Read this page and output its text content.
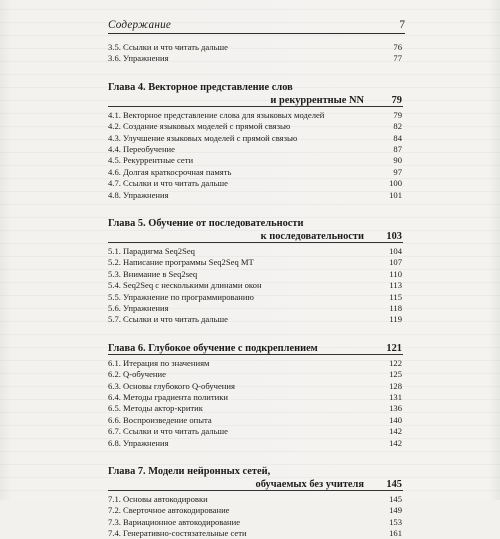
Содержание	7
3.5. Ссылки и что читать дальше	76
3.6. Упражнения	77
Глава 4. Векторное представление слов
и рекуррентные NN	79
4.1. Векторное представление слова для языковых моделей	79
4.2. Создание языковых моделей с прямой связью	82
4.3. Улучшение языковых моделей с прямой связью	84
4.4. Переобучение	87
4.5. Рекуррентные сети	90
4.6. Долгая краткосрочная память	97
4.7. Ссылки и что читать дальше	100
4.8. Упражнения	101
Глава 5. Обучение от последовательности
к последовательности 103
5.1. Парадигма Seq2Seq	104
5.2. Написание программы Seq2Seq MT	107
5.3. Внимание в Seq2seq	110
5.4. Seq2Seq с несколькими длинами окон	113
5.5. Упражнение по программированию	115
5.6. Упражнения	118
5.7. Ссылки и что читать дальше	119
Глава 6. Глубокое обучение с подкреплением	121
6.1. Итерация по значениям	122
6.2. Q-обучение	125
6.3. Основы глубокого Q-обучения	128
6.4. Методы градиента политики	131
6.5. Методы актор-критик	136
6.6. Воспроизведение опыта	140
6.7. Ссылки и что читать дальше	142
6.8. Упражнения	142
Глава 7. Модели нейронных сетей,
обучаемых без учителя 145
7.1. Основы автокодировки	145
7.2. Сверточное автокодирование	149
7.3. Вариационное автокодирование	153
7.4. Генеративно-состязательные сети	161
